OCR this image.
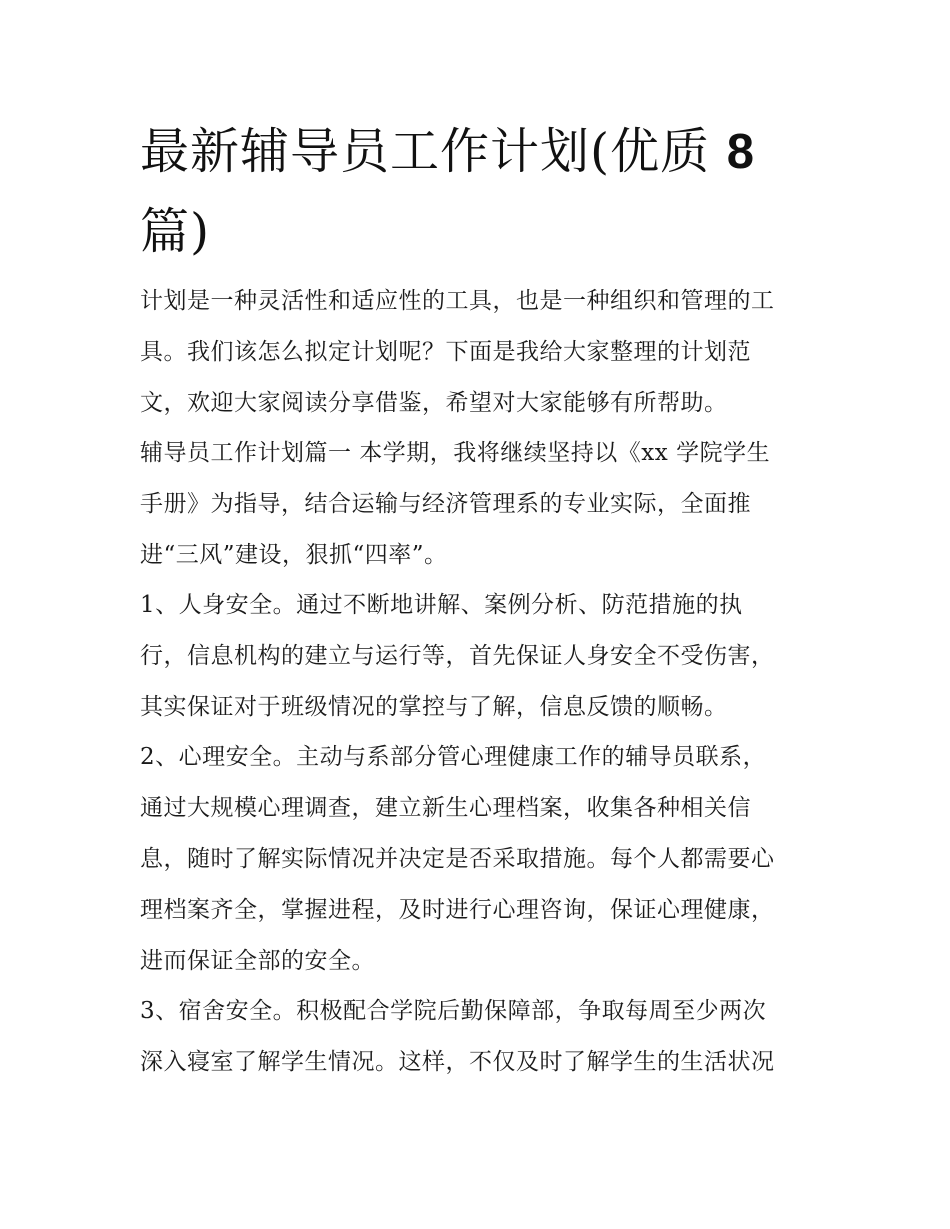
最新辅导员工作计划(优质 8
篇)

计划是一种灵活性和适应性的工具，也是一种组织和管理的工
具。我们该怎么拟定计划呢？下面是我给大家整理的计划范
文，欢迎大家阅读分享借鉴，希望对大家能够有所帮助。

辅导员工作计划篇一 本学期，我将继续坚持以《xx 学院学生
手册》为指导，结合运输与经济管理系的专业实际，全面推
进“三风”建设，狠抓“四率”。

1、人身安全。通过不断地讲解、案例分析、防范措施的执
行，信息机构的建立与运行等，首先保证人身安全不受伤害，
其实保证对于班级情况的掌控与了解，信息反馈的顺畅。

2、心理安全。主动与系部分管心理健康工作的辅导员联系，
通过大规模心理调查，建立新生心理档案，收集各种相关信
息，随时了解实际情况并决定是否采取措施。每个人都需要心
理档案齐全，掌握进程，及时进行心理咨询，保证心理健康，
进而保证全部的安全。

3、宿舍安全。积极配合学院后勤保障部，争取每周至少两次
深入寝室了解学生情况。这样，不仅及时了解学生的生活状况
